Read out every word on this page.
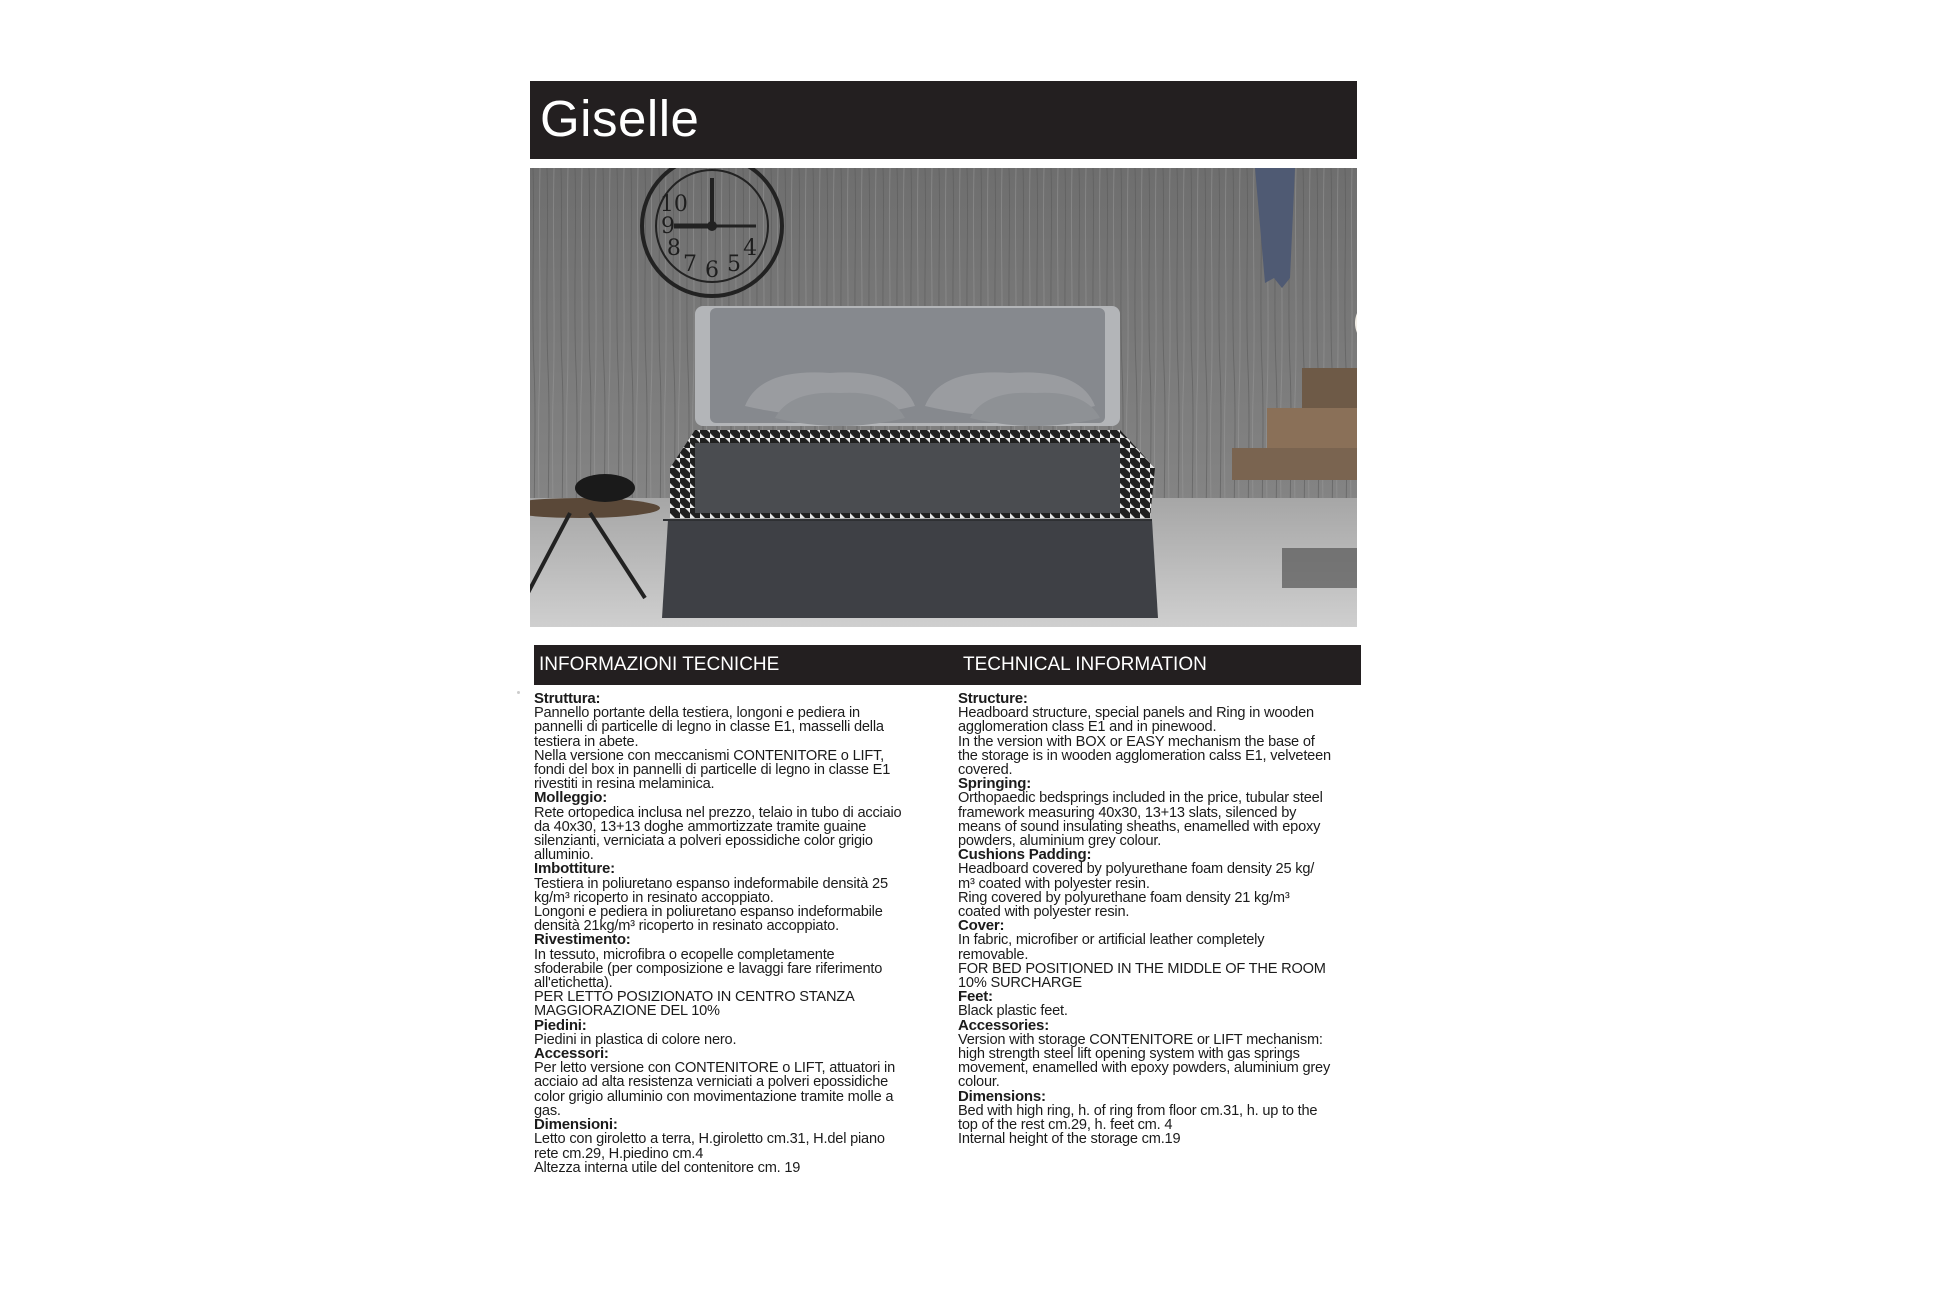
Giselle
10
9
8
7 6 5
4
INFORMAZIONI TECNICHE	TECHNICAL INFORMATION
Struttura:
Pannello portante della testiera, longoni e pediera in
pannelli di particelle di legno in classe E1, masselli della
testiera in abete.
Nella versione con meccanismi CONTENITORE o LIFT,
fondi del box in pannelli di particelle di legno in classe E1
rivestiti in resina melaminica.
Molleggio:
Rete ortopedica inclusa nel prezzo, telaio in tubo di acciaio
da 40x30, 13+13 doghe ammortizzate tramite guaine
silenzianti, verniciata a polveri epossidiche color grigio
alluminio.
Imbottiture:
Testiera in poliuretano espanso indeformabile densità 25
kg/m³ ricoperto in resinato accoppiato.
Longoni e pediera in poliuretano espanso indeformabile
densità 21kg/m³ ricoperto in resinato accoppiato.
Rivestimento:
In tessuto, microfibra o ecopelle completamente
sfoderabile (per composizione e lavaggi fare riferimento
all'etichetta).
PER LETTO POSIZIONATO IN CENTRO STANZA
MAGGIORAZIONE DEL 10%
Piedini:
Piedini in plastica di colore nero.
Accessori:
Per letto versione con CONTENITORE o LIFT, attuatori in
acciaio ad alta resistenza verniciati a polveri epossidiche
color grigio alluminio con movimentazione tramite molle a
gas.
Dimensioni:
Letto con giroletto a terra, H.giroletto cm.31, H.del piano
rete cm.29, H.piedino cm.4
Altezza interna utile del contenitore cm. 19
Structure:
Headboard structure, special panels and Ring in wooden
agglomeration class E1 and in pinewood.
In the version with BOX or EASY mechanism the base of
the storage is in wooden agglomeration calss E1, velveteen
covered.
Springing:
Orthopaedic bedsprings included in the price, tubular steel
framework measuring 40x30, 13+13 slats, silenced by
means of sound insulating sheaths, enamelled with epoxy
powders, aluminium grey colour.
Cushions Padding:
Headboard covered by polyurethane foam density 25 kg/
m³ coated with polyester resin.
Ring covered by polyurethane foam density 21 kg/m³
coated with polyester resin.
Cover:
In fabric, microfiber or artificial leather completely
removable.
FOR BED POSITIONED IN THE MIDDLE OF THE ROOM
10% SURCHARGE
Feet:
Black plastic feet.
Accessories:
Version with storage CONTENITORE or LIFT mechanism:
high strength steel lift opening system with gas springs
movement, enamelled with epoxy powders, aluminium grey
colour.
Dimensions:
Bed with high ring, h. of ring from floor cm.31, h. up to the
top of the rest cm.29, h. feet cm. 4
Internal height of the storage cm.19
